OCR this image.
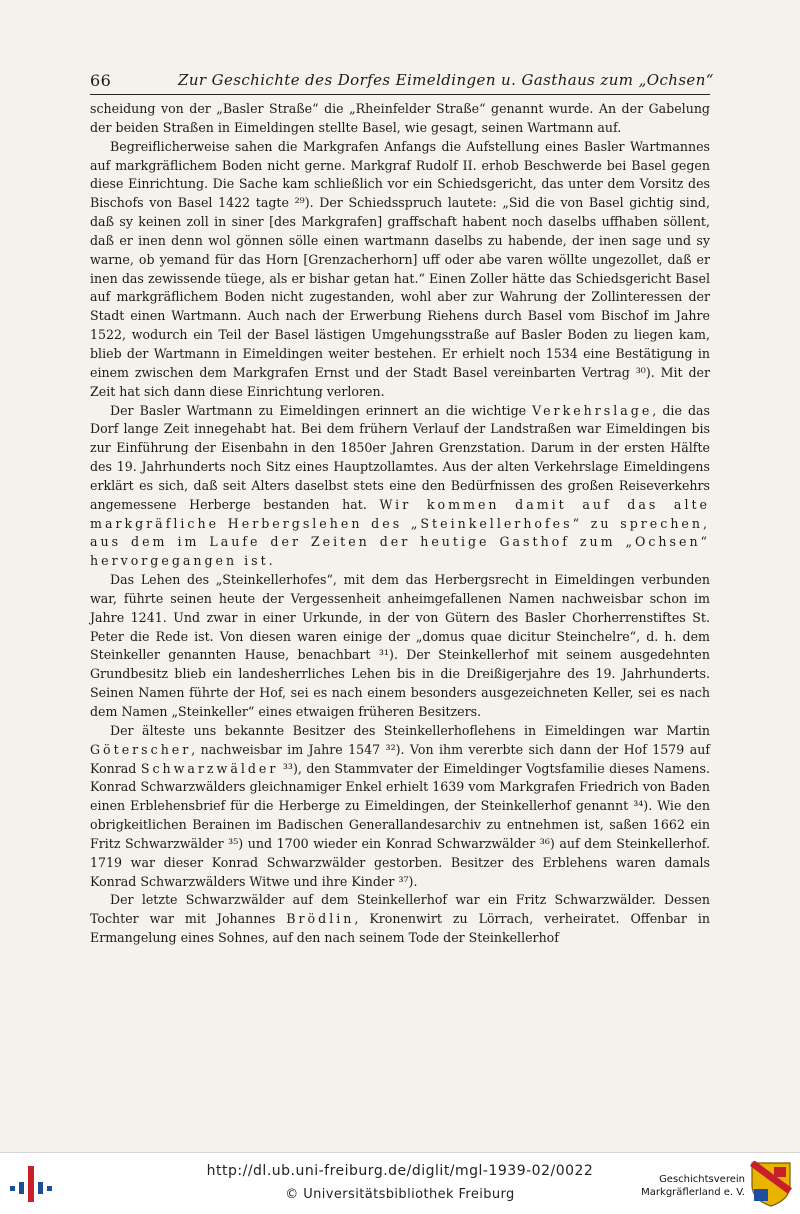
66	Zur Geschichte des Dorfes Eimeldingen u. Gasthaus zum „Ochsen“

scheidung von der „Basler Straße“ die „Rheinfelder Straße“ genannt wurde. An der Gabelung der beiden Straßen in Eimeldingen stellte Basel, wie gesagt, seinen Wartmann auf.

Begreiflicherweise sahen die Markgrafen Anfangs die Aufstellung eines Basler Wartmannes auf markgräflichem Boden nicht gerne. Markgraf Rudolf II. erhob Beschwerde bei Basel gegen diese Einrichtung. Die Sache kam schließlich vor ein Schiedsgericht, das unter dem Vorsitz des Bischofs von Basel 1422 tagte ²⁹). Der Schiedsspruch lautete: „Sid die von Basel gichtig sind, daß sy keinen zoll in siner [des Markgrafen] graffschaft habent noch daselbs uffhaben söllent, daß er inen denn wol gönnen sölle einen wartmann daselbs zu habende, der inen sage und sy warne, ob yemand für das Horn [Grenzacherhorn] uff oder abe varen wöllte ungezollet, daß er inen das zewissende tüege, als er bishar getan hat.“ Einen Zoller hätte das Schiedsgericht Basel auf markgräflichem Boden nicht zugestanden, wohl aber zur Wahrung der Zollinteressen der Stadt einen Wartmann. Auch nach der Erwerbung Riehens durch Basel vom Bischof im Jahre 1522, wodurch ein Teil der Basel lästigen Umgehungsstraße auf Basler Boden zu liegen kam, blieb der Wartmann in Eimeldingen weiter bestehen. Er erhielt noch 1534 eine Bestätigung in einem zwischen dem Markgrafen Ernst und der Stadt Basel vereinbarten Vertrag ³⁰). Mit der Zeit hat sich dann diese Einrichtung verloren.

Der Basler Wartmann zu Eimeldingen erinnert an die wichtige Verkehrslage, die das Dorf lange Zeit innegehabt hat. Bei dem frühern Verlauf der Landstraßen war Eimeldingen bis zur Einführung der Eisenbahn in den 1850er Jahren Grenzstation. Darum in der ersten Hälfte des 19. Jahrhunderts noch Sitz eines Hauptzollamtes. Aus der alten Verkehrslage Eimeldingens erklärt es sich, daß seit Alters daselbst stets eine den Bedürfnissen des großen Reiseverkehrs angemessene Herberge bestanden hat. Wir kommen damit auf das alte markgräfliche Herbergslehen des „Steinkellerhofes“ zu sprechen, aus dem im Laufe der Zeiten der heutige Gasthof zum „Ochsen“ hervorgegangen ist.

Das Lehen des „Steinkellerhofes“, mit dem das Herbergsrecht in Eimeldingen verbunden war, führte seinen heute der Vergessenheit anheimgefallenen Namen nachweisbar schon im Jahre 1241. Und zwar in einer Urkunde, in der von Gütern des Basler Chorherrenstiftes St. Peter die Rede ist. Von diesen waren einige der „domus quae dicitur Steinchelre“, d. h. dem Steinkeller genannten Hause, benachbart ³¹). Der Steinkellerhof mit seinem ausgedehnten Grundbesitz blieb ein landesherrliches Lehen bis in die Dreißigerjahre des 19. Jahrhunderts. Seinen Namen führte der Hof, sei es nach einem besonders ausgezeichneten Keller, sei es nach dem Namen „Steinkeller“ eines etwaigen früheren Besitzers.

Der älteste uns bekannte Besitzer des Steinkellerhoflehens in Eimeldingen war Martin Göterscher, nachweisbar im Jahre 1547 ³²). Von ihm vererbte sich dann der Hof 1579 auf Konrad Schwarzwälder ³³), den Stammvater der Eimeldinger Vogtsfamilie dieses Namens. Konrad Schwarzwälders gleichnamiger Enkel erhielt 1639 vom Markgrafen Friedrich von Baden einen Erblehensbrief für die Herberge zu Eimeldingen, der Steinkellerhof genannt ³⁴). Wie den obrigkeitlichen Berainen im Badischen Generallandesarchiv zu entnehmen ist, saßen 1662 ein Fritz Schwarzwälder ³⁵) und 1700 wieder ein Konrad Schwarzwälder ³⁶) auf dem Steinkellerhof. 1719 war dieser Konrad Schwarzwälder gestorben. Besitzer des Erblehens waren damals Konrad Schwarzwälders Witwe und ihre Kinder ³⁷).

Der letzte Schwarzwälder auf dem Steinkellerhof war ein Fritz Schwarzwälder. Dessen Tochter war mit Johannes Brödlin, Kronenwirt zu Lörrach, verheiratet. Offenbar in Ermangelung eines Sohnes, auf den nach seinem Tode der Steinkellerhof

http://dl.ub.uni-freiburg.de/diglit/mgl-1939-02/0022
© Universitätsbibliothek Freiburg
Geschichtsverein
Markgräflerland e. V.
